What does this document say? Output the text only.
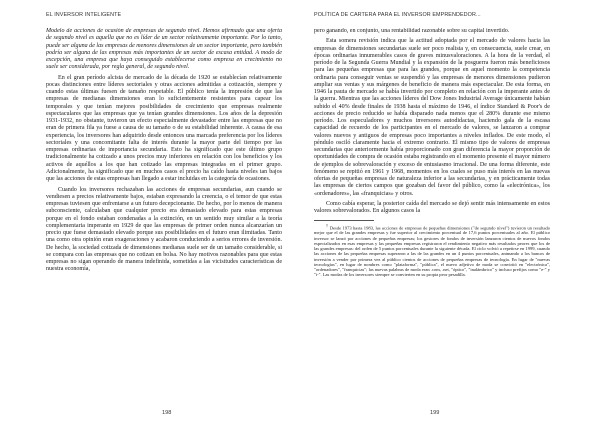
EL INVERSOR INTELIGENTE

Modelo de acciones de ocasión de empresas de segundo nivel. Hemos afirmado que una oferta de segundo nivel es aquella que no es líder de un sector relativamente importante. Por lo tanto, puede ser alguna de las empresas de menores dimensiones de un sector importante, pero también podría ser alguna de las empresas más importantes de un sector de escasa entidad. A modo de excepción, una empresa que haya conseguido establecerse como empresa en crecimiento no suele ser considerada, por regla general, de segundo nivel.

En el gran período alcista de mercado de la década de 1920 se establecían relativamente pocas distinciones entre líderes sectoriales y otras acciones admitidas a cotización, siempre y cuando estas últimas fuesen de tamaño respetable. El público tenía la impresión de que las empresas de medianas dimensiones eran lo suficientemente resistentes para capear los temporales y que tenían mejores posibilidades de crecimiento que empresas realmente espectaculares que las empresas que ya tenían grandes dimensiones. Los años de la depresión 1931-1932, no obstante, tuvieron un efecto especialmente devastador entre las empresas que no eran de primera fila ya fuese a causa de su tamaño o de su estabilidad inherente. A causa de esa experiencia, los inversores han adquirido desde entonces una marcada preferencia por los líderes sectoriales y una concomitante falta de interés durante la mayor parte del tiempo por las empresas ordinarias de importancia secundaria. Esto ha significado que este último grupo tradicionalmente ha cotizado a unos precios muy inferiores en relación con los beneficios y los activos de aquéllos a los que han cotizado las empresas integradas en el primer grupo. Adicionalmente, ha significado que en muchos casos el precio ha caído hasta niveles tan bajos que las acciones de estas empresas han llegado a estar incluidas en la categoría de ocasiones.

Cuando los inversores rechazaban las acciones de empresas secundarias, aun cuando se vendiesen a precios relativamente bajos, estaban expresando la creencia, o el temor de que estas empresas tuviesen que enfrentarse a un futuro decepcionante. De hecho, por lo menos de manera subconsciente, calculaban que cualquier precio era demasiado elevado para estas empresas porque en el fondo estaban condenadas a la extinción, en un sentido muy similar a la teoría complementaria imperante en 1929 de que las empresas de primer orden nunca alcanzarían un precio que fuese demasiado elevado porque sus posibilidades en el futuro eran ilimitadas. Tanto una como otra opinión eran exageraciones y acabaron conduciendo a serios errores de inversión. De hecho, la sociedad cotizada de dimensiones medianas suele ser de un tamaño considerable, si se compara con las empresas que no cotizan en bolsa. No hay motivos razonables para que estas empresas no sigan operando de manera indefinida, sometidas a las vicisitudes características de nuestra economía,

198
POLÍTICA DE CARTERA PARA EL INVERSOR EMPRENDEDOR...

pero ganando, en conjunto, una rentabilidad razonable sobre su capital invertido.

Esta somera revisión indica que la actitud adoptada por el mercado de valores hacia las empresas de dimensiones secundarias suele ser poco realista y, en consecuencia, suele crear, en épocas ordinarias innumerables casos de graves minusvaloraciones. A la hora de la verdad, el período de la Segunda Guerra Mundial y la expansión de la posguerra fueron más beneficiosos para las pequeñas empresas que para las grandes, porque en aquel momento la competencia ordinaria para conseguir ventas se suspendió y las empresas de menores dimensiones pudieron ampliar sus ventas y sus márgenes de beneficio de manera más espectacular. De esta forma, en 1946 la pauta de mercado se había invertido por completo en relación con la imperante antes de la guerra. Mientras que las acciones líderes del Dow Jones Industrial Average únicamente habían subido el 40% desde finales de 1938 hasta el máximo de 1946, el índice Standard & Poor's de acciones de precio reducido se había disparado nada menos que el 280% durante ese mismo período. Los especuladores y muchos inversores autodidactas, haciendo gala de la escasa capacidad de recuerdo de los participantes en el mercado de valores, se lanzaron a comprar valores nuevos y antiguos de empresas poco importantes a niveles inflados. De este modo, el péndulo osciló claramente hacia el extremo contrario. El mismo tipo de valores de empresas secundarias que anteriormente había proporcionado con gran diferencia la mayor proporción de oportunidades de compra de ocasión estaba registrando en el momento presente el mayor número de ejemplos de sobrevaloración y exceso de entusiasmo irracional. De una forma diferente, este fenómeno se repitió en 1961 y 1968, momentos en los cuales se puso más interés en las nuevas ofertas de pequeñas empresas de naturaleza inferior a las secundarias, y en prácticamente todas las empresas de ciertos campos que gozaban del favor del público, como la «electrónica», los «ordenadores», las «franquicias» y otros.

Como cabía esperar, la posterior caída del mercado se dejó sentir más intensamente en estos valores sobrevalorados. En algunos casos la

† Desde 1973 hasta 1983, las acciones de empresas de pequeñas dimensiones ("de segundo nivel") tuvieron un resultado mejor que el de las grandes empresas y fue superior al crecimiento porcentual de 17,6 puntos porcentuales al año. El público inversor se lanzó por acciones de pequeñas empresas; los gestores de fondos de inversión lanzaron cientos de nuevos fondos especializados en esas empresas y las pequeñas empresas registraron el rendimiento negativo más resultados peores que los de las grandes empresas: del orden de 5 puntos porcentuales durante la siguiente década. El ciclo volvió a repetirse en 1999, cuando las acciones de las pequeñas empresas superaron a las de las grandes en un 4 puntos porcentuales, animando a los bancos de inversión a vender por primera vez al público cientos de acciones de pequeñas empresas de tecnología. En lugar de "nuevas tecnologías", en lugar de nombres como "plataforma", "pública", el nuevo adjetivo de moda se convirtió en "electrónica", "ordenadores", "franquicias"; las nuevas palabras de moda eran .com, .net, "óptico", "inalámbrico" y incluso prefijos como "e-" y "i-". Las modas de los inversores siempre se convierten en su propia peor pesadilla.

199
